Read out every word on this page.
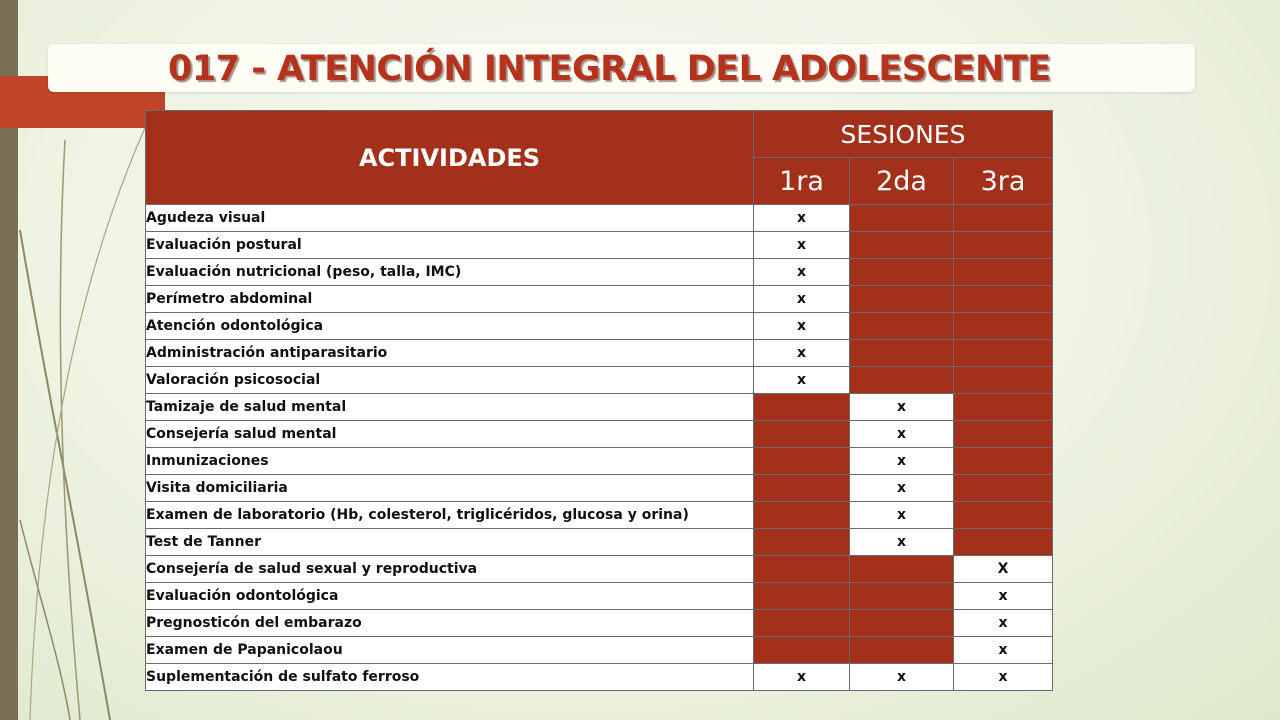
017 - ATENCIÓN INTEGRAL DEL ADOLESCENTE
ACTIVIDADES	SESIONES		
	1ra	2da	3ra
Agudeza visual	x		
Evaluación postural	x		
Evaluación nutricional (peso, talla, IMC)	x		
Perímetro abdominal	x		
Atención odontológica	x		
Administración antiparasitario	x		
Valoración psicosocial	x		
Tamizaje de salud mental		x	
Consejería salud mental		x	
Inmunizaciones		x	
Visita domiciliaria		x	
Examen de laboratorio (Hb, colesterol, triglicéridos, glucosa y orina)		x	
Test de Tanner		x	
Consejería de salud sexual y reproductiva			X
Evaluación odontológica			x
Pregnosticón del embarazo			x
Examen de Papanicolaou			x
Suplementación de sulfato ferroso	x	x	x
